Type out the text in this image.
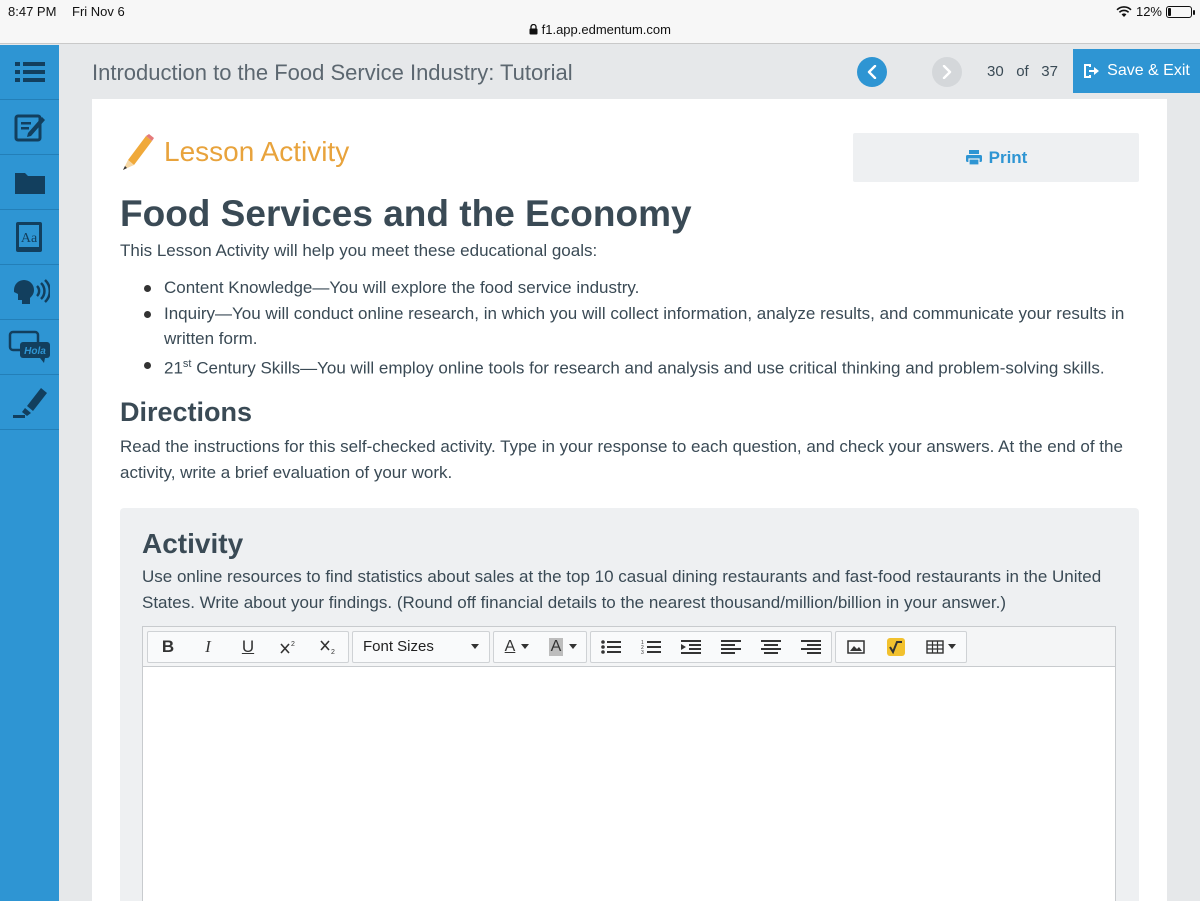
8:47 PM Fri Nov 6
f1.app.edmentum.com
12%
Aa
Hola
Introduction to the Food Service Industry: Tutorial	30 of 37	Save & Exit
Lesson Activity	Print
Food Services and the Economy

This Lesson Activity will help you meet these educational goals:

Content Knowledge—You will explore the food service industry.
Inquiry—You will conduct online research, in which you will collect information, analyze results, and communicate your results in written form.
21st Century Skills—You will employ online tools for research and analysis and use critical thinking and problem-solving skills.
Directions

Read the instructions for this self-checked activity. Type in your response to each question, and check your answers. At the end of the activity, write a brief evaluation of your work.

Activity

Use online resources to find statistics about sales at the top 10 casual dining restaurants and fast-food restaurants in the United States. Write about your findings. (Round off financial details to the nearest thousand/million/billion in your answer.)

B I U	2
2 Font Sizes	A A	1
2
3
